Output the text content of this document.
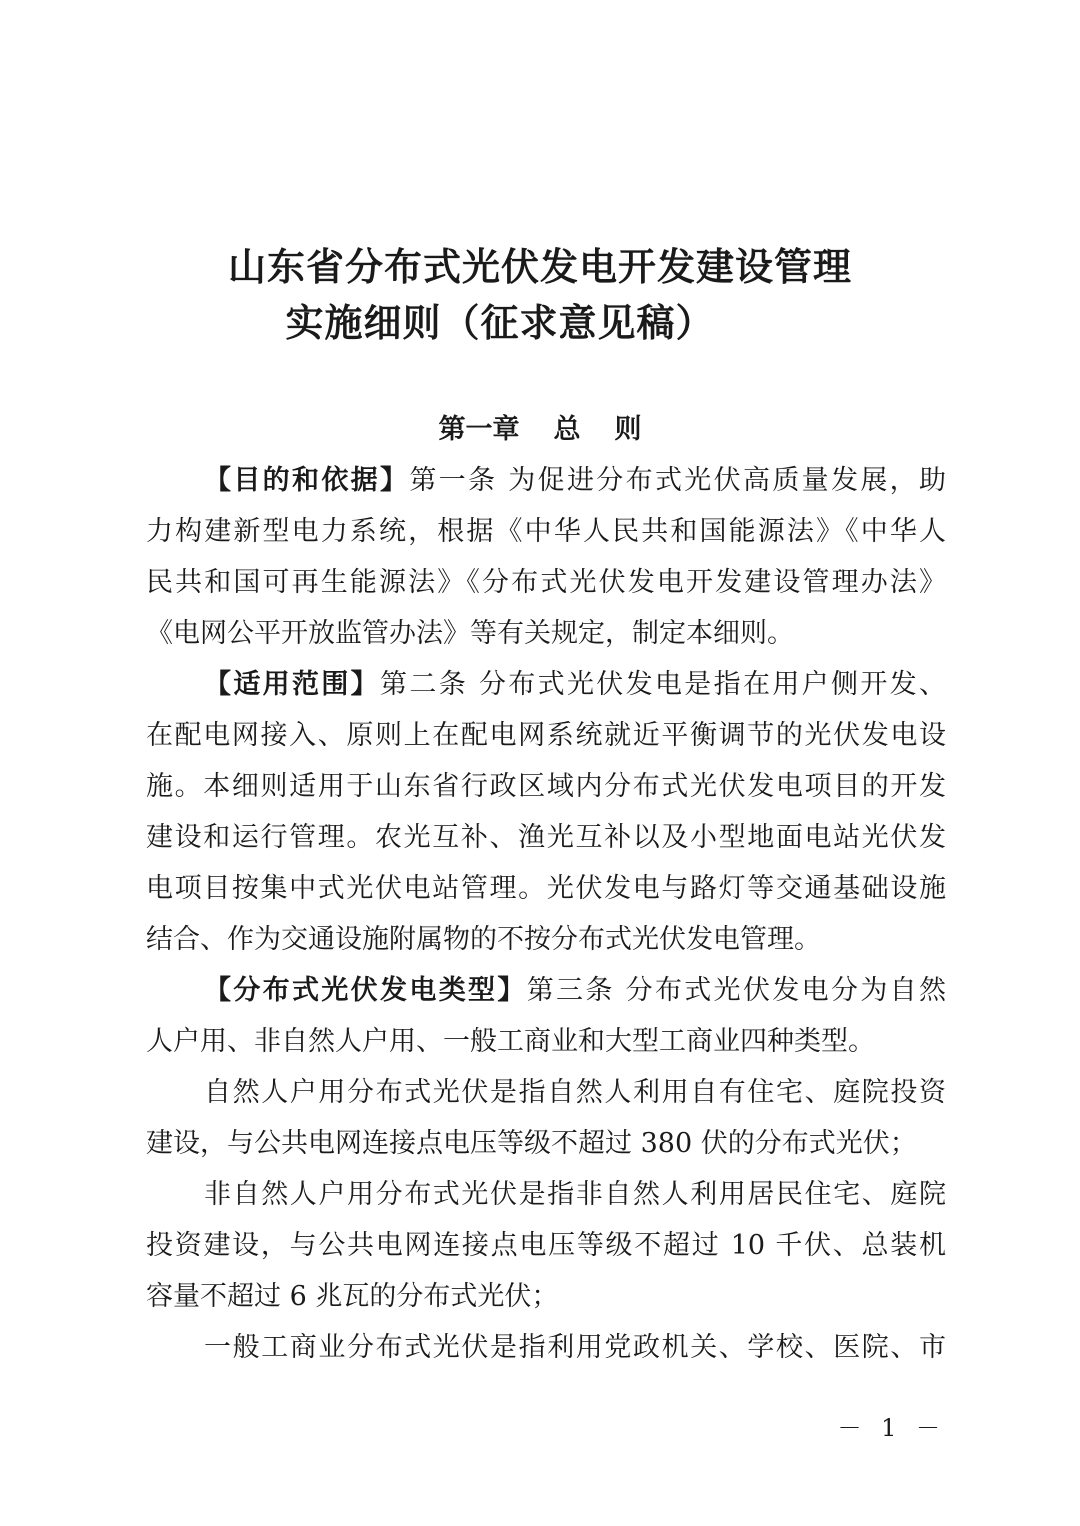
山东省分布式光伏发电开发建设管理
实施细则（征求意见稿）
第一章 总 则
【目的和依据】第一条 为促进分布式光伏高质量发展，助
力构建新型电力系统，根据《中华人民共和国能源法》《中华人
民共和国可再生能源法》《分布式光伏发电开发建设管理办法》
《电网公平开放监管办法》等有关规定，制定本细则。
【适用范围】第二条 分布式光伏发电是指在用户侧开发、
在配电网接入、原则上在配电网系统就近平衡调节的光伏发电设
施。本细则适用于山东省行政区域内分布式光伏发电项目的开发
建设和运行管理。农光互补、渔光互补以及小型地面电站光伏发
电项目按集中式光伏电站管理。光伏发电与路灯等交通基础设施
结合、作为交通设施附属物的不按分布式光伏发电管理。
【分布式光伏发电类型】第三条 分布式光伏发电分为自然
人户用、非自然人户用、一般工商业和大型工商业四种类型。
自然人户用分布式光伏是指自然人利用自有住宅、庭院投资
建设，与公共电网连接点电压等级不超过 380 伏的分布式光伏；
非自然人户用分布式光伏是指非自然人利用居民住宅、庭院
投资建设，与公共电网连接点电压等级不超过 10 千伏、总装机
容量不超过 6 兆瓦的分布式光伏；
一般工商业分布式光伏是指利用党政机关、学校、医院、市
－ 1 －
